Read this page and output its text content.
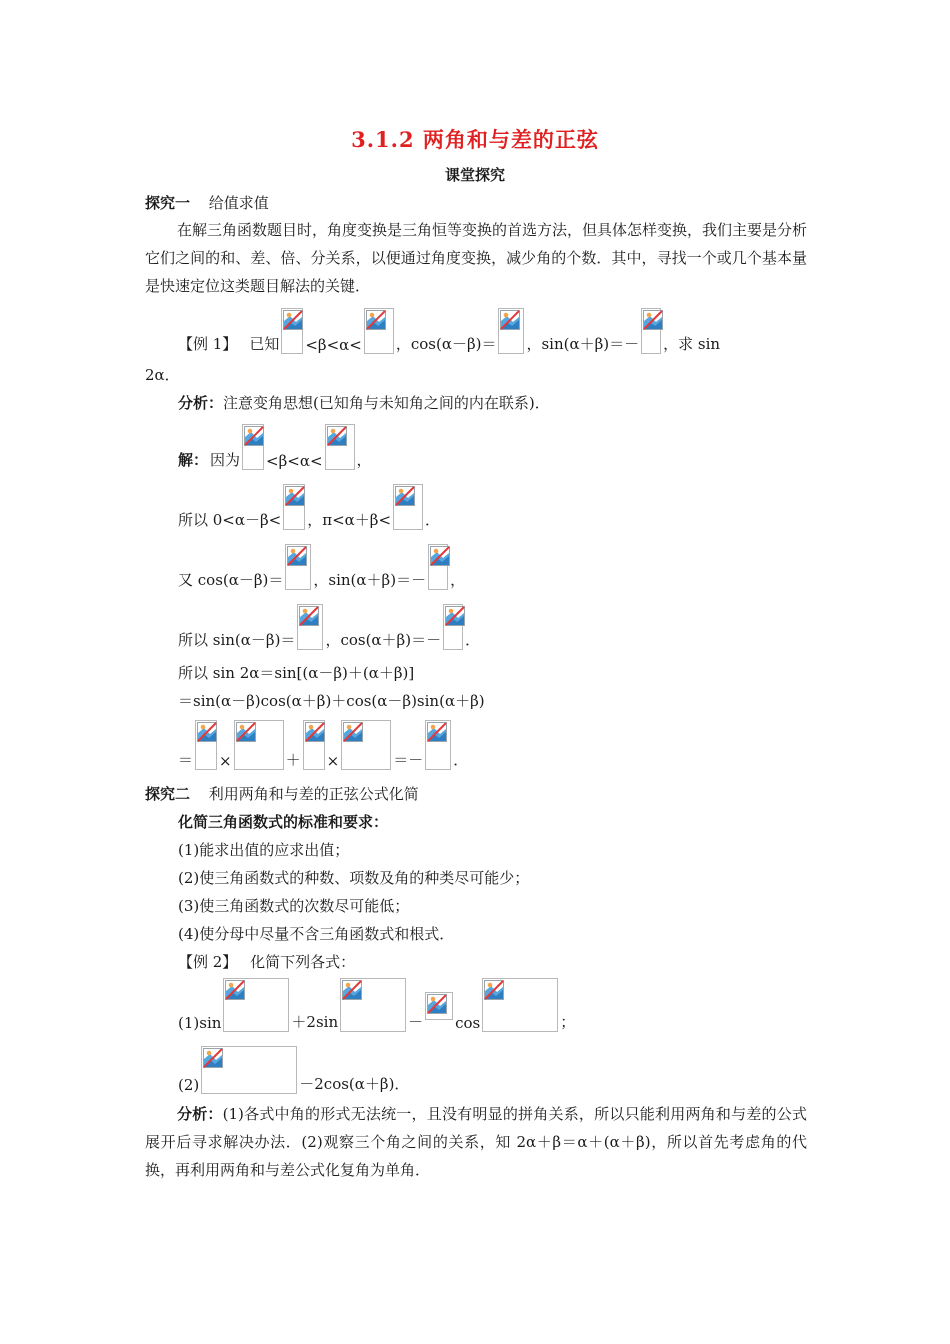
3.1.2 两角和与差的正弦
课堂探究
探究一 给值求值
在解三角函数题目时，角度变换是三角恒等变换的首选方法，但具体怎样变换，我们主要是分析它们之间的和、差、倍、分关系，以便通过角度变换，减少角的个数．其中，寻找一个或几个基本量是快速定位这类题目解法的关键．
【例 1】 已知 <β<α< ，cos(α－β)＝ ，sin(α＋β)＝－ ，求 sin
2α．
分析：注意变角思想(已知角与未知角之间的内在联系)．
解： 因为 <β<α< ，
所以 0<α－β< ，π<α＋β< ．
又 cos(α－β)＝ ，sin(α＋β)＝－ ，
所以 sin(α－β)＝ ，cos(α＋β)＝－ ．
所以 sin 2α＝sin[(α－β)＋(α＋β)]
＝sin(α－β)cos(α＋β)＋cos(α－β)sin(α＋β)
＝ ×	＋ ×	＝－ ．
探究二 利用两角和与差的正弦公式化简
化简三角函数式的标准和要求：
(1)能求出值的应求出值；
(2)使三角函数式的种数、项数及角的种类尽可能少；
(3)使三角函数式的次数尽可能低；
(4)使分母中尽量不含三角函数式和根式．
【例 2】 化简下列各式：
(1)sin	＋2sin	－ cos	；
(2)	－2cos(α＋β)．
分析：(1)各式中角的形式无法统一，且没有明显的拼角关系，所以只能利用两角和与差的公式展开后寻求解决办法．(2)观察三个角之间的关系，知 2α＋β＝α＋(α＋β)，所以首先考虑角的代换，再利用两角和与差公式化复角为单角．
